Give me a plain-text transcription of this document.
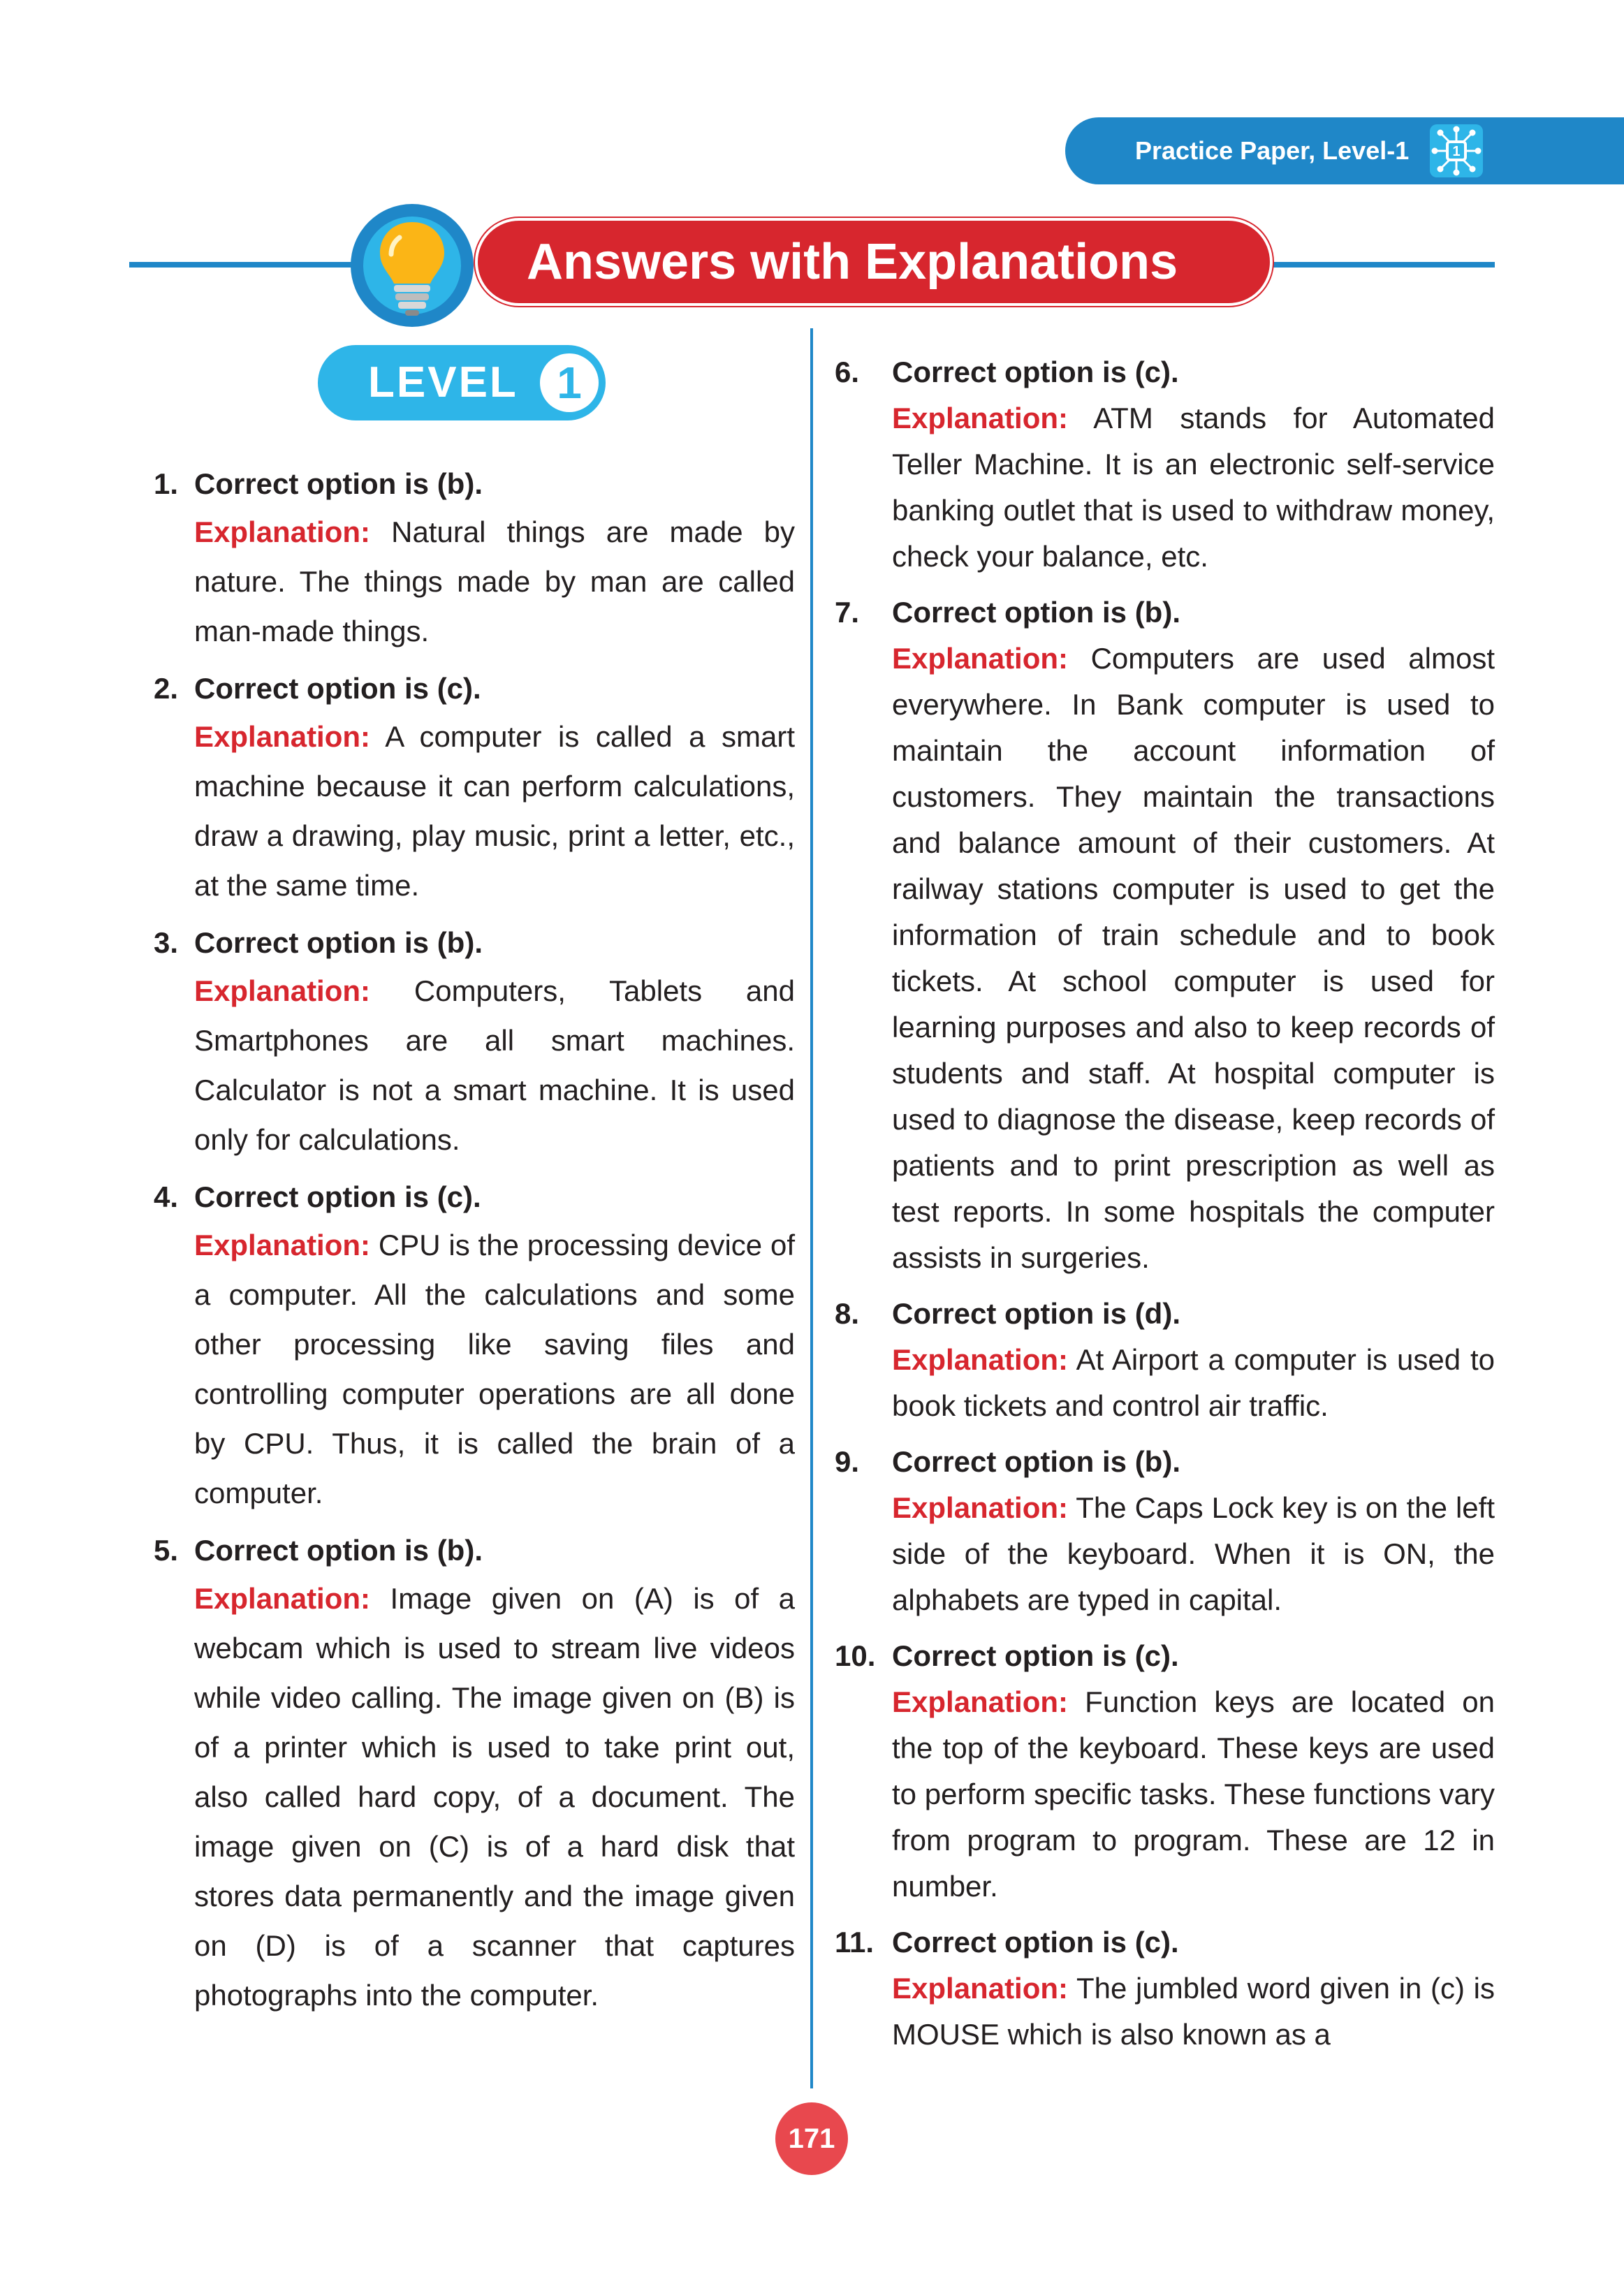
Practice Paper, Level-1	1
Answers with Explanations
LEVEL 1
1. Correct option is (b).
Explanation: Natural things are made by nature. The things made by man are called man-made things.
2. Correct option is (c).
Explanation: A computer is called a smart machine because it can perform calculations, draw a drawing, play music, print a letter, etc., at the same time.
3. Correct option is (b).
Explanation: Computers, Tablets and Smartphones are all smart machines. Calculator is not a smart machine. It is used only for calculations.
4. Correct option is (c).
Explanation: CPU is the processing device of a computer. All the calculations and some other processing like saving files and controlling computer operations are all done by CPU. Thus, it is called the brain of a computer.
5. Correct option is (b).
Explanation: Image given on (A) is of a webcam which is used to stream live videos while video calling. The image given on (B) is of a printer which is used to take print out, also called hard copy, of a document. The image given on (C) is of a hard disk that stores data permanently and the image given on (D) is of a scanner that captures photographs into the computer.
6. Correct option is (c).
Explanation: ATM stands for Automated Teller Machine. It is an electronic self-service banking outlet that is used to withdraw money, check your balance, etc.
7. Correct option is (b).
Explanation: Computers are used almost everywhere. In Bank computer is used to maintain the account information of customers. They maintain the transactions and balance amount of their customers. At railway stations computer is used to get the information of train schedule and to book tickets. At school computer is used for learning purposes and also to keep records of students and staff. At hospital computer is used to diagnose the disease, keep records of patients and to print prescription as well as test reports. In some hospitals the computer assists in surgeries.
8. Correct option is (d).
Explanation: At Airport a computer is used to book tickets and control air traffic.
9. Correct option is (b).
Explanation: The Caps Lock key is on the left side of the keyboard. When it is ON, the alphabets are typed in capital.
10. Correct option is (c).
Explanation: Function keys are located on the top of the keyboard. These keys are used to perform specific tasks. These functions vary from program to program. These are 12 in number.
11. Correct option is (c).
Explanation: The jumbled word given in (c) is MOUSE which is also known as a
171
